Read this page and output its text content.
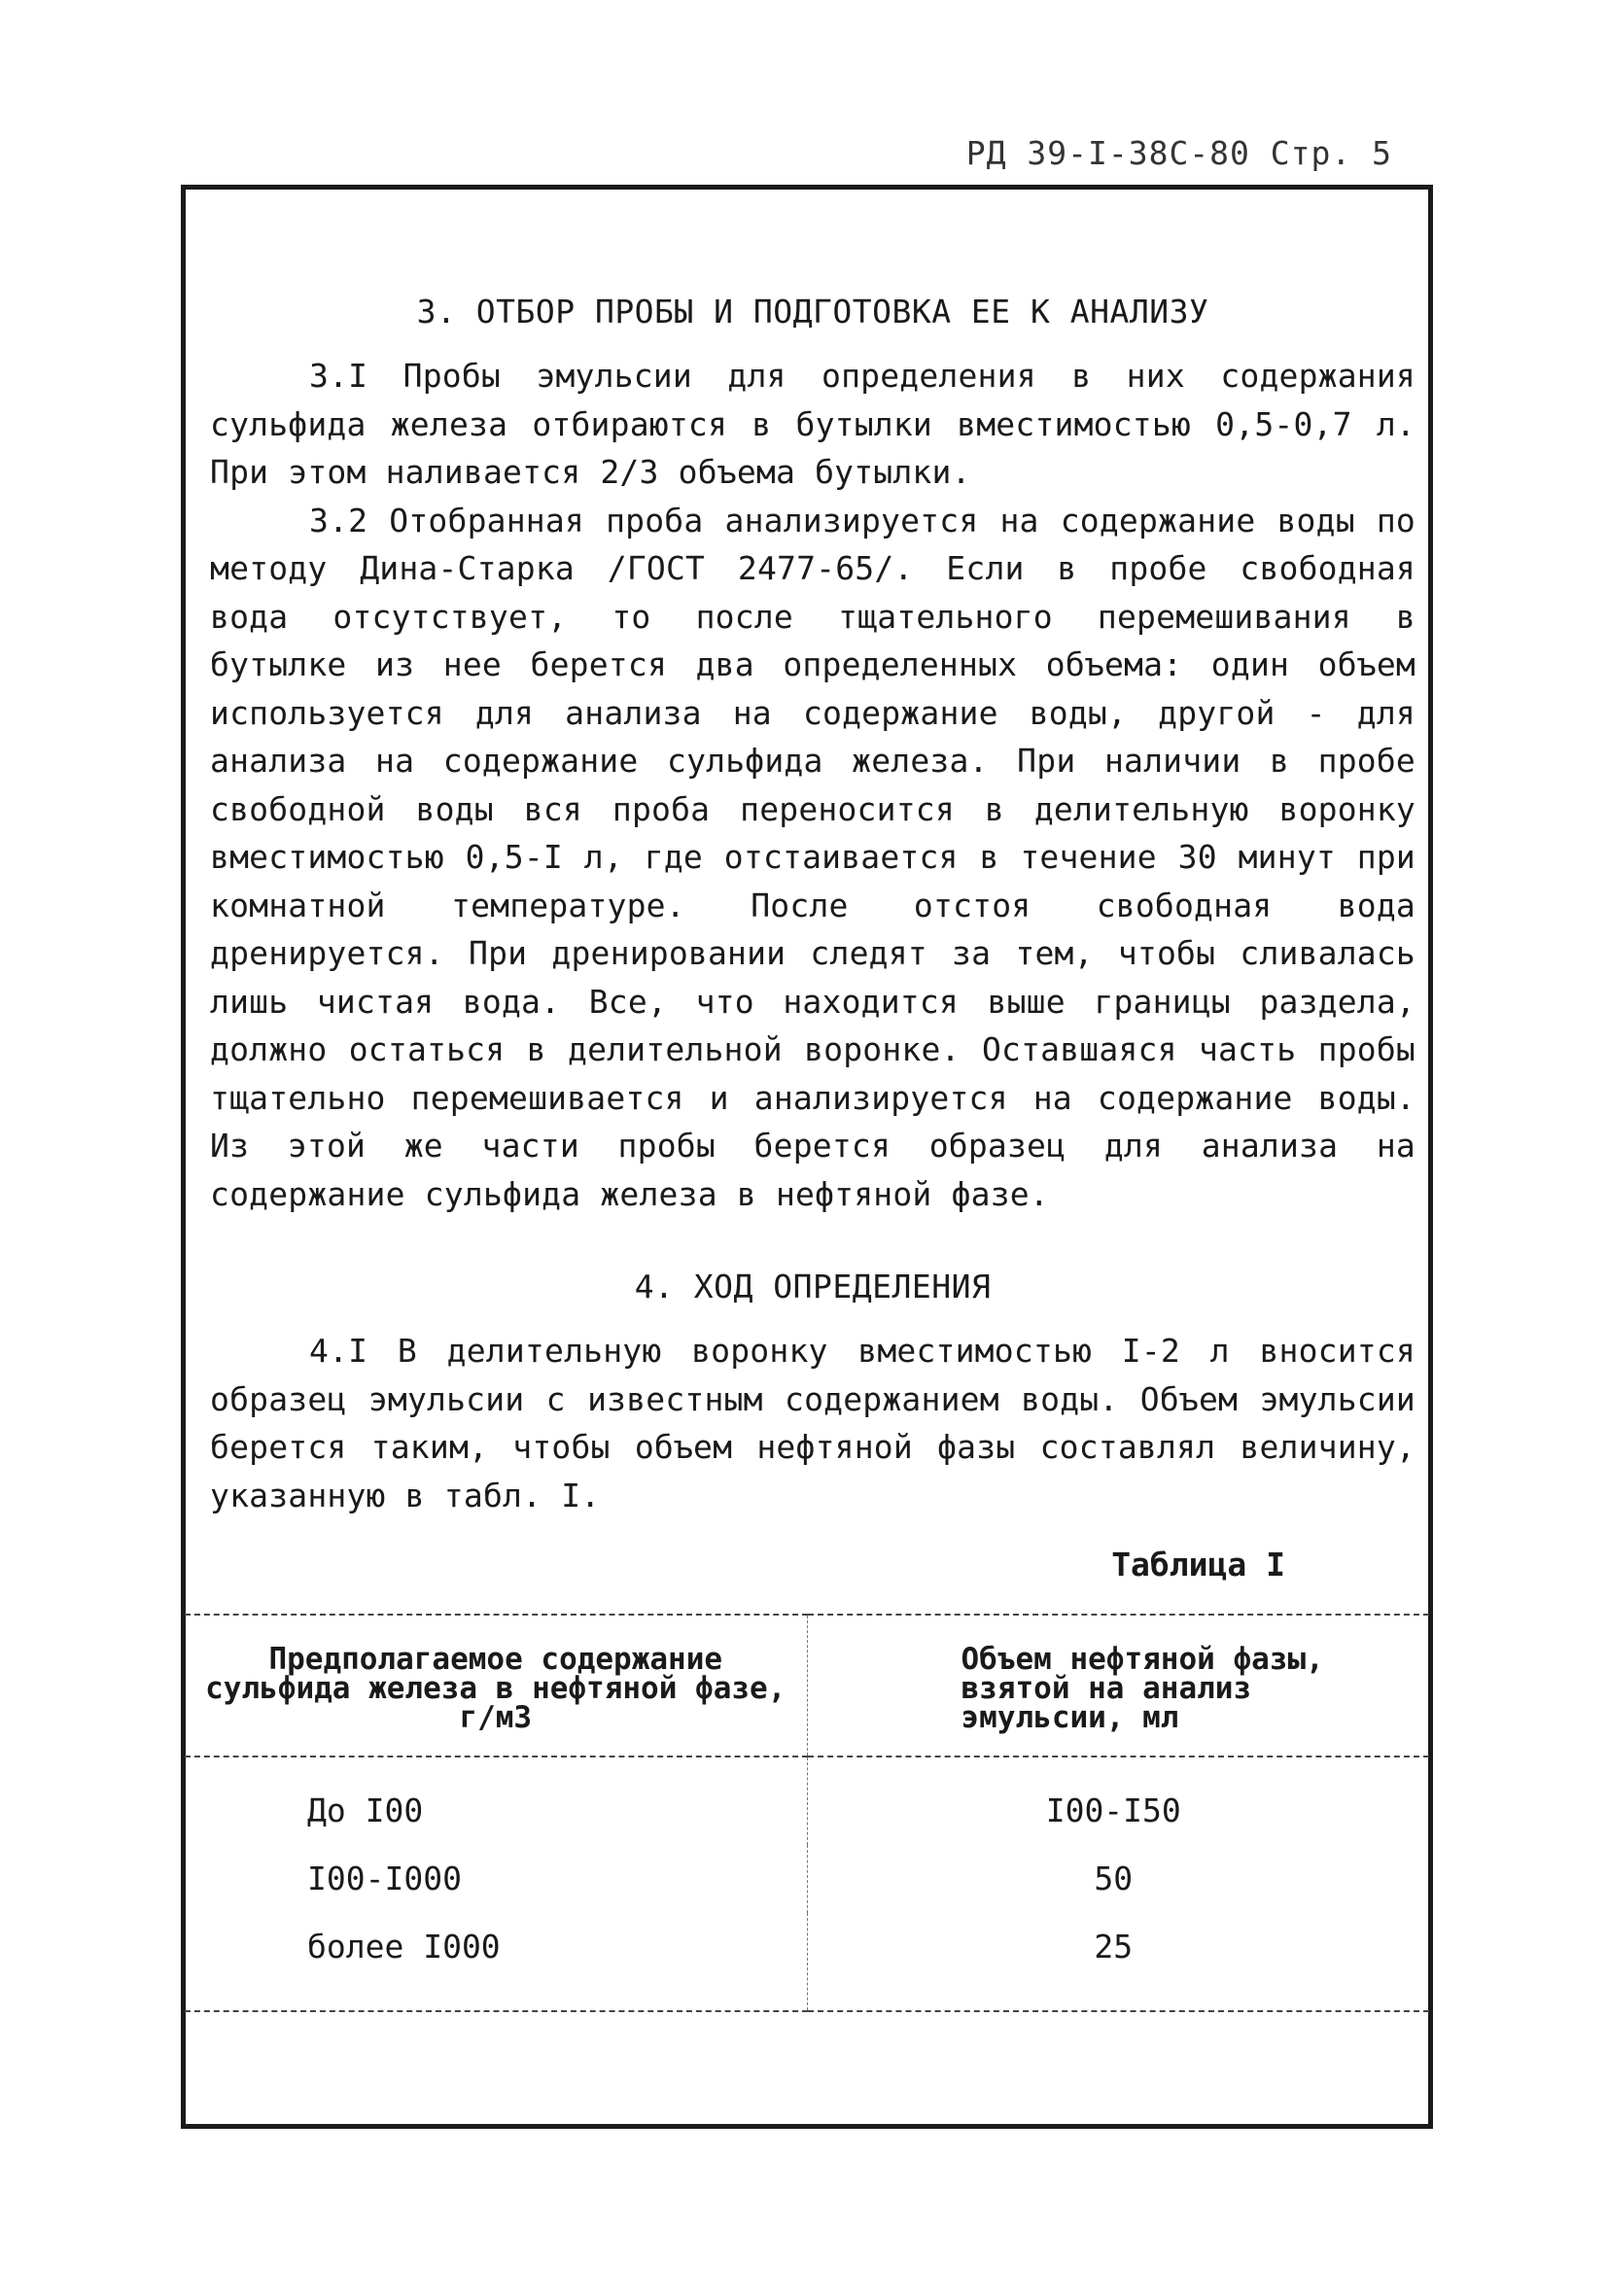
РД 39-I-38С-80 Стр. 5
3. ОТБОР ПРОБЫ И ПОДГОТОВКА ЕЕ К АНАЛИЗУ

3.I Пробы эмульсии для определения в них содержания сульфида железа отбираются в бутылки вместимостью 0,5-0,7 л. При этом наливается 2/3 объема бутылки.

3.2 Отобранная проба анализируется на содержание воды по методу Дина-Старка /ГОСТ 2477-65/. Если в пробе свободная вода отсутствует, то после тщательного перемешивания в бутылке из нее берется два определенных объема: один объем используется для анализа на содержание воды, другой - для анализа на содержание сульфида железа. При наличии в пробе свободной воды вся проба переносится в делительную воронку вместимостью 0,5-I л, где отстаивается в течение 30 минут при комнатной температуре. После отстоя свободная вода дренируется. При дренировании следят за тем, чтобы сливалась лишь чистая вода. Все, что находится выше границы раздела, должно остаться в делительной воронке. Оставшаяся часть пробы тщательно перемешивается и анализируется на содержание воды. Из этой же части пробы берется образец для анализа на содержание сульфида железа в нефтяной фазе.

4. ХОД ОПРЕДЕЛЕНИЯ

4.I В делительную воронку вместимостью I-2 л вносится образец эмульсии с известным содержанием воды. Объем эмульсии берется таким, чтобы объем нефтяной фазы составлял величину, указанную в табл. I.

Таблица I
Предполагаемое содержание сульфида железа в нефтяной фазе, г/м3	Объем нефтяной фазы, взятой на анализ эмульсии, мл
До I00	I00-I50
I00-I000	50
более I000	25
